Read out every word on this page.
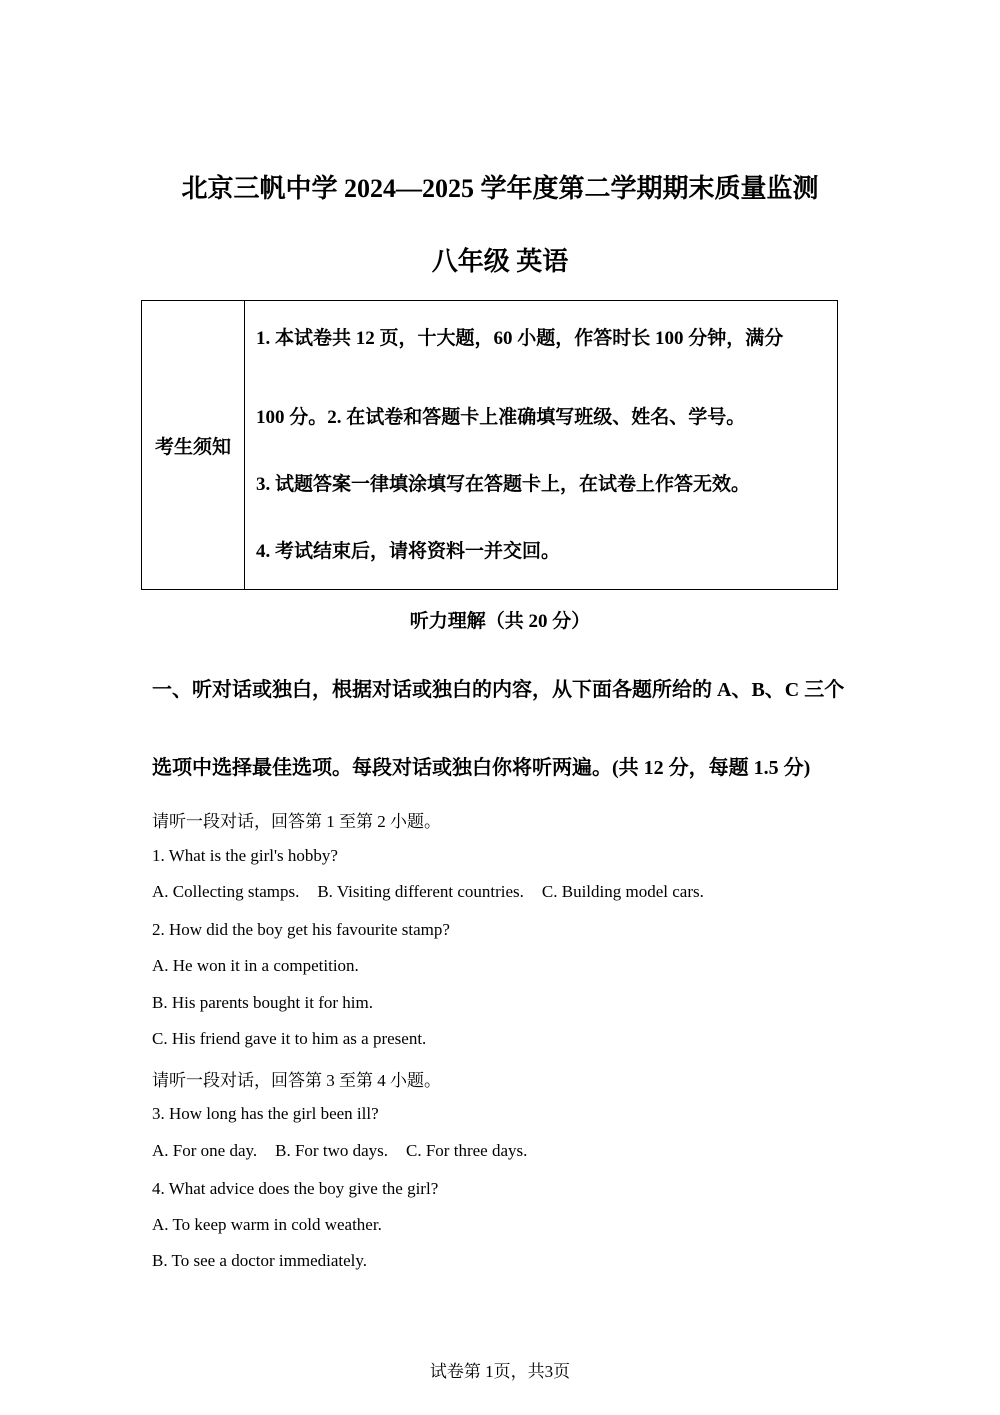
北京三帆中学 2024—2025 学年度第二学期期末质量监测
八年级 英语
考生须知
1. 本试卷共 12 页，十大题，60 小题，作答时长 100 分钟，满分
100 分。2. 在试卷和答题卡上准确填写班级、姓名、学号。
3. 试题答案一律填涂填写在答题卡上，在试卷上作答无效。
4. 考试结束后，请将资料一并交回。
听力理解（共 20 分）
一、听对话或独白，根据对话或独白的内容，从下面各题所给的 A、B、C 三个
选项中选择最佳选项。每段对话或独白你将听两遍。(共 12 分，每题 1.5 分)
请听一段对话，回答第 1 至第 2 小题。
1. What is the girl's hobby?
A. Collecting stamps. B. Visiting different countries. C. Building model cars.
2. How did the boy get his favourite stamp?
A. He won it in a competition.
B. His parents bought it for him.
C. His friend gave it to him as a present.
请听一段对话，回答第 3 至第 4 小题。
3. How long has the girl been ill?
A. For one day. B. For two days. C. For three days.
4. What advice does the boy give the girl?
A. To keep warm in cold weather.
B. To see a doctor immediately.
试卷第 1页，共3页
